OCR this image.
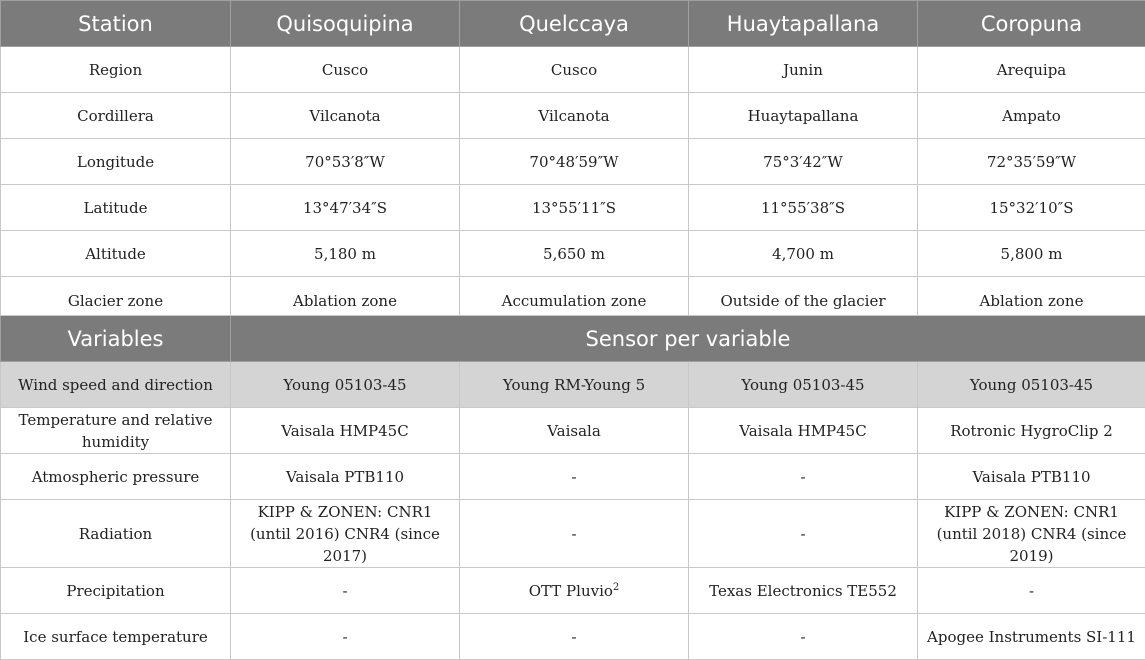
Station	Quisoquipina	Quelccaya	Huaytapallana	Coropuna
Region	Cusco	Cusco	Junin	Arequipa
Cordillera	Vilcanota	Vilcanota	Huaytapallana	Ampato
Longitude	70°53′8″W	70°48′59″W	75°3′42″W	72°35′59″W
Latitude	13°47′34″S	13°55′11″S	11°55′38″S	15°32′10″S
Altitude	5,180 m	5,650 m	4,700 m	5,800 m
Glacier zone	Ablation zone	Accumulation zone	Outside of the glacier	Ablation zone
Variables	Sensor per variable			
Wind speed and direction	Young 05103-45	Young RM-Young 5	Young 05103-45	Young 05103-45
Temperature and relative humidity	Vaisala HMP45C	Vaisala	Vaisala HMP45C	Rotronic HygroClip 2
Atmospheric pressure	Vaisala PTB110	-	-	Vaisala PTB110
Radiation	KIPP & ZONEN: CNR1 (until 2016) CNR4 (since 2017)	-	-	KIPP & ZONEN: CNR1 (until 2018) CNR4 (since 2019)
Precipitation	-	OTT Pluvio$^2$	Texas Electronics TE552	-
Ice surface temperature	-	-	-	Apogee Instruments SI-111
